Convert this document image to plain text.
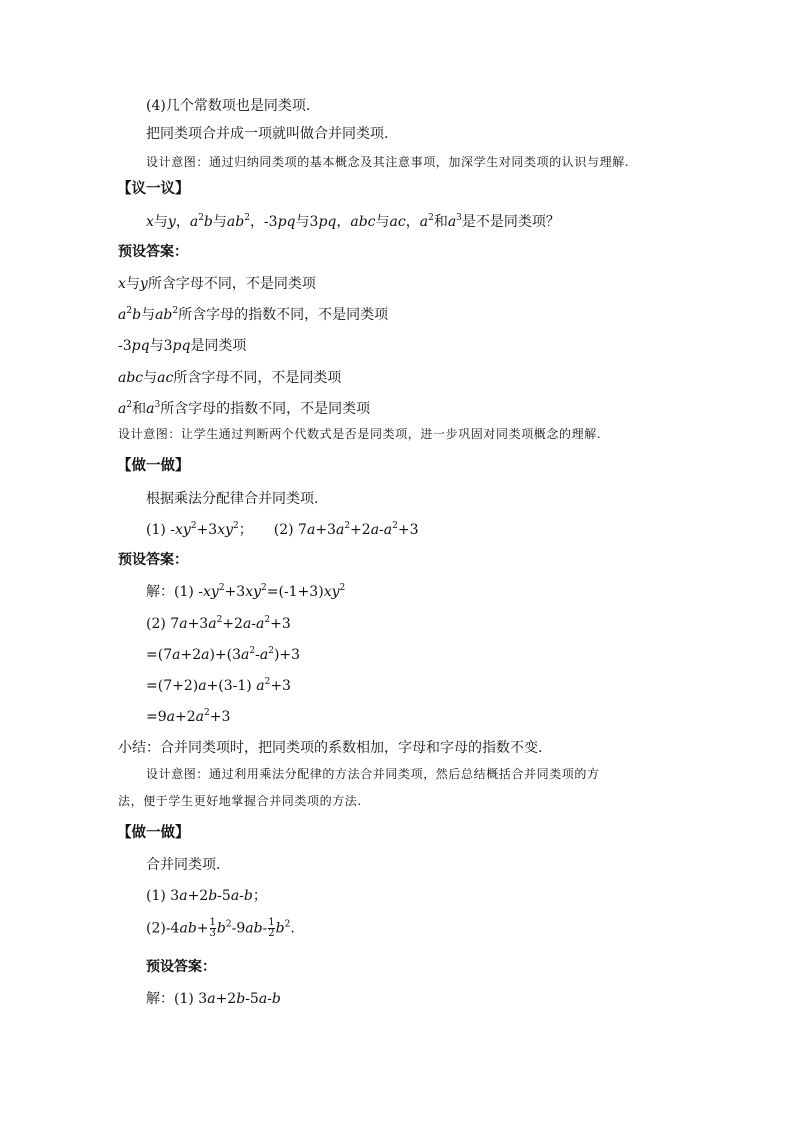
(4)几个常数项也是同类项.
把同类项合并成一项就叫做合并同类项.
设计意图：通过归纳同类项的基本概念及其注意事项，加深学生对同类项的认识与理解.
【议一议】
x与y，$a^2b$与$ab^2$，-3pq与3pq，abc与ac，$a^2$和$a^3$是不是同类项？
预设答案：
x与y所含字母不同，不是同类项
$a^2b$与$ab^2$所含字母的指数不同，不是同类项
-3pq与3pq是同类项
abc与ac所含字母不同，不是同类项
$a^2$和$a^3$所含字母的指数不同，不是同类项
设计意图：让学生通过判断两个代数式是否是同类项，进一步巩固对同类项概念的理解.
【做一做】
根据乘法分配律合并同类项.
(1) $-xy^2+3xy^2$；　　(2) $7a+3a^2+2a-a^2+3$
预设答案：
解：(1) $-xy^2+3xy^2=(-1+3)xy^2$
(2) $7a+3a^2+2a-a^2+3$
$=(7a+2a)+(3a^2-a^2)+3$
=(7+2)a+(3-1) $a^2+3$
$=9a+2a^2+3$
小结：合并同类项时，把同类项的系数相加，字母和字母的指数不变.
设计意图：通过利用乘法分配律的方法合并同类项，然后总结概括合并同类项的方
法，便于学生更好地掌握合并同类项的方法.
【做一做】
合并同类项.
(1) 3a+2b-5a-b；
$(2)-4ab+ \frac{1}{3} b^2-9ab- \frac{1}{2} b^2$.
预设答案：
解：(1) 3a+2b-5a-b
